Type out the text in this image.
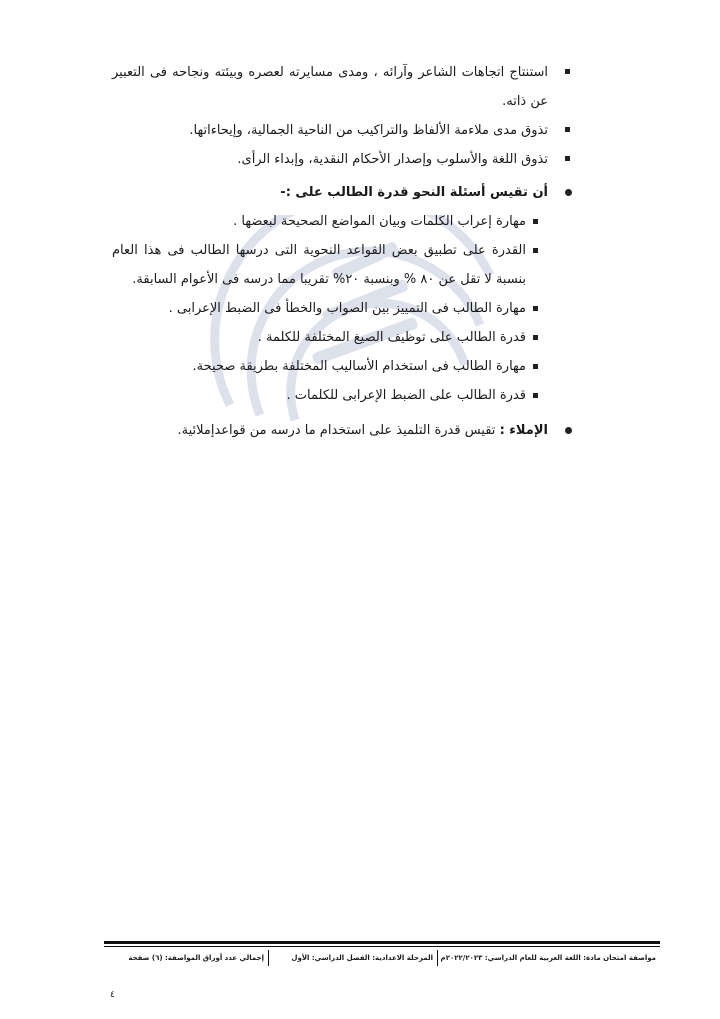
استنتاج اتجاهات الشاعر وآرائه ، ومدى مسايرته لعصره وبيئته ونجاحه فى التعبير عن ذاته.
تذوق مدى ملاءمة الألفاظ والتراكيب من الناحية الجمالية، وإيحاءاتها.
تذوق اللغة والأسلوب وإصدار الأحكام النقدية، وإبداء الرأى.
أن تقيس أسئلة النحو قدرة الطالب على :-
مهارة إعراب الكلمات وبيان المواضع الصحيحة لبعضها .
القدرة على تطبيق بعض القواعد النحوية التى درسها الطالب فى هذا العام بنسبة لا تقل عن ٨٠ % وبنسبة ٢٠% تقريبا مما درسه فى الأعوام السابقة.
مهارة الطالب فى التمييز بين الصواب والخطأ فى الضبط الإعرابى .
قدرة الطالب على توظيف الصيغ المختلفة للكلمة .
مهارة الطالب فى استخدام الأساليب المختلفة بطريقة صحيحة.
قدرة الطالب على الضبط الإعرابى للكلمات .
الإملاء : تقيس قدرة التلميذ على استخدام ما درسه من قواعدإملائية.
مواصفة امتحان مادة: اللغة العربية للعام الدراسي: ٢٠٢٢/٢٠٢٣م
المرحلة الاعدادية: الفصل الدراسي: الأول
إجمالي عدد أوراق المواصفة: (٦) صفحة
٤
